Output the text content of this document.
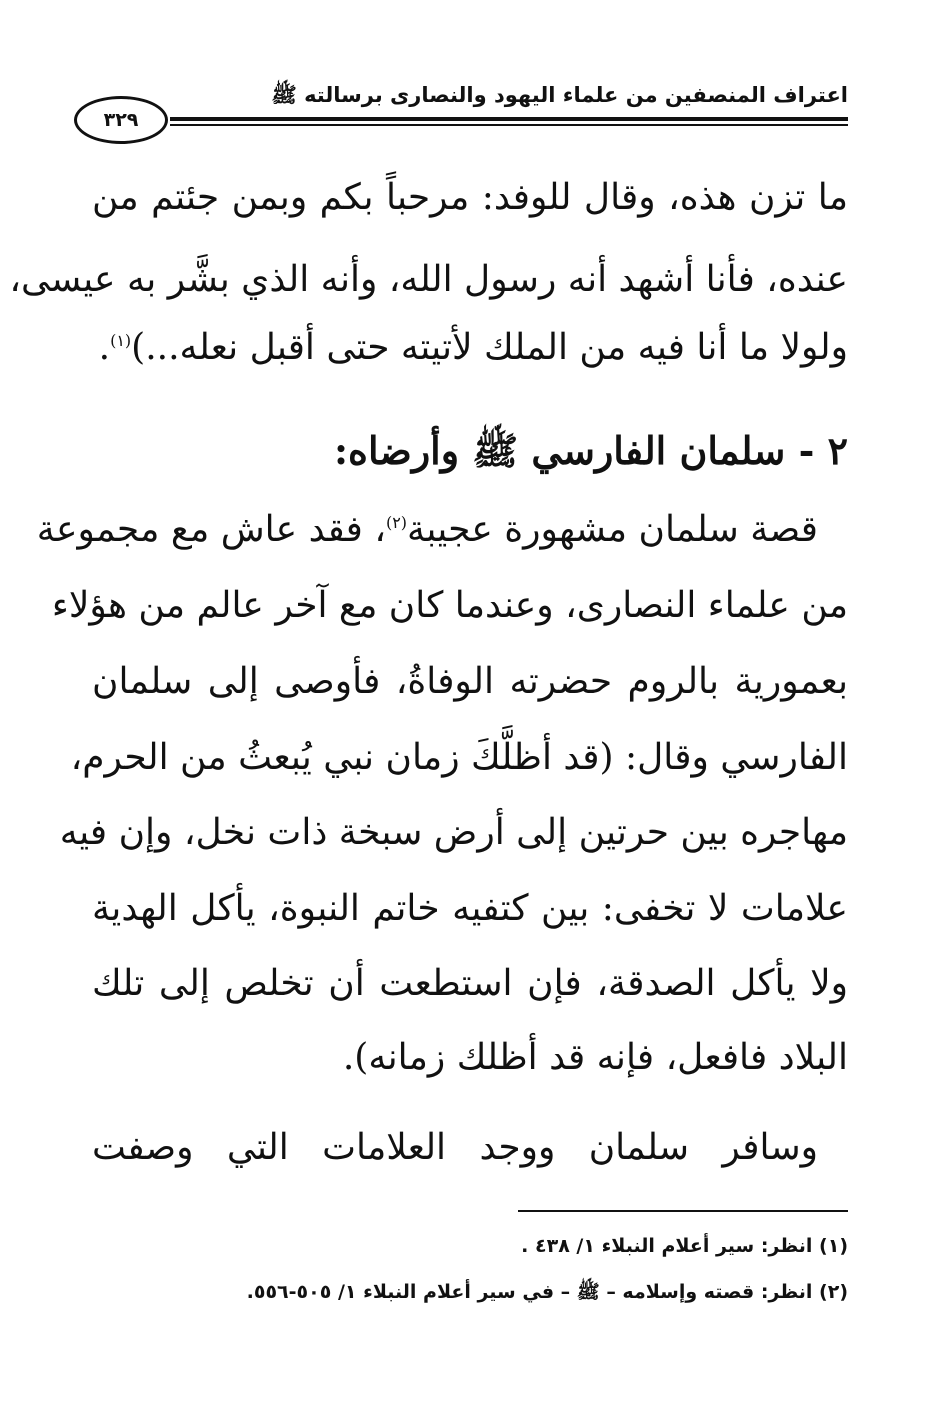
اعتراف المنصفين من علماء اليهود والنصارى برسالته ﷺ
٣٢٩
ما تزن هذه، وقال للوفد: مرحباً بكم وبمن جئتم من
عنده، فأنا أشهد أنه رسول الله، وأنه الذي بشَّر به عيسى،
ولولا ما أنا فيه من الملك لأتيته حتى أقبل نعله...)$^{(١)}$.
٢ - سلمان الفارسي ﷺ وأرضاه:
قصة سلمان مشهورة عجيبة$^{(٢)}$، فقد عاش مع مجموعة
من علماء النصارى، وعندما كان مع آخر عالم من هؤلاء
بعمورية بالروم حضرته الوفاةُ، فأوصى إلى سلمان
الفارسي وقال: (قد أظلَّكَ زمان نبي يُبعثُ من الحرم،
مهاجره بين حرتين إلى أرض سبخة ذات نخل، وإن فيه
علامات لا تخفى: بين كتفيه خاتم النبوة، يأكل الهدية
ولا يأكل الصدقة، فإن استطعت أن تخلص إلى تلك
البلاد فافعل، فإنه قد أظلك زمانه).
وسافر سلمان ووجد العلامات التي وصفت
(١) انظر: سير أعلام النبلاء ١/ ٤٣٨ .
(٢) انظر: قصته وإسلامه – ﷺ – في سير أعلام النبلاء ١/ ٥٠٥-٥٥٦.
